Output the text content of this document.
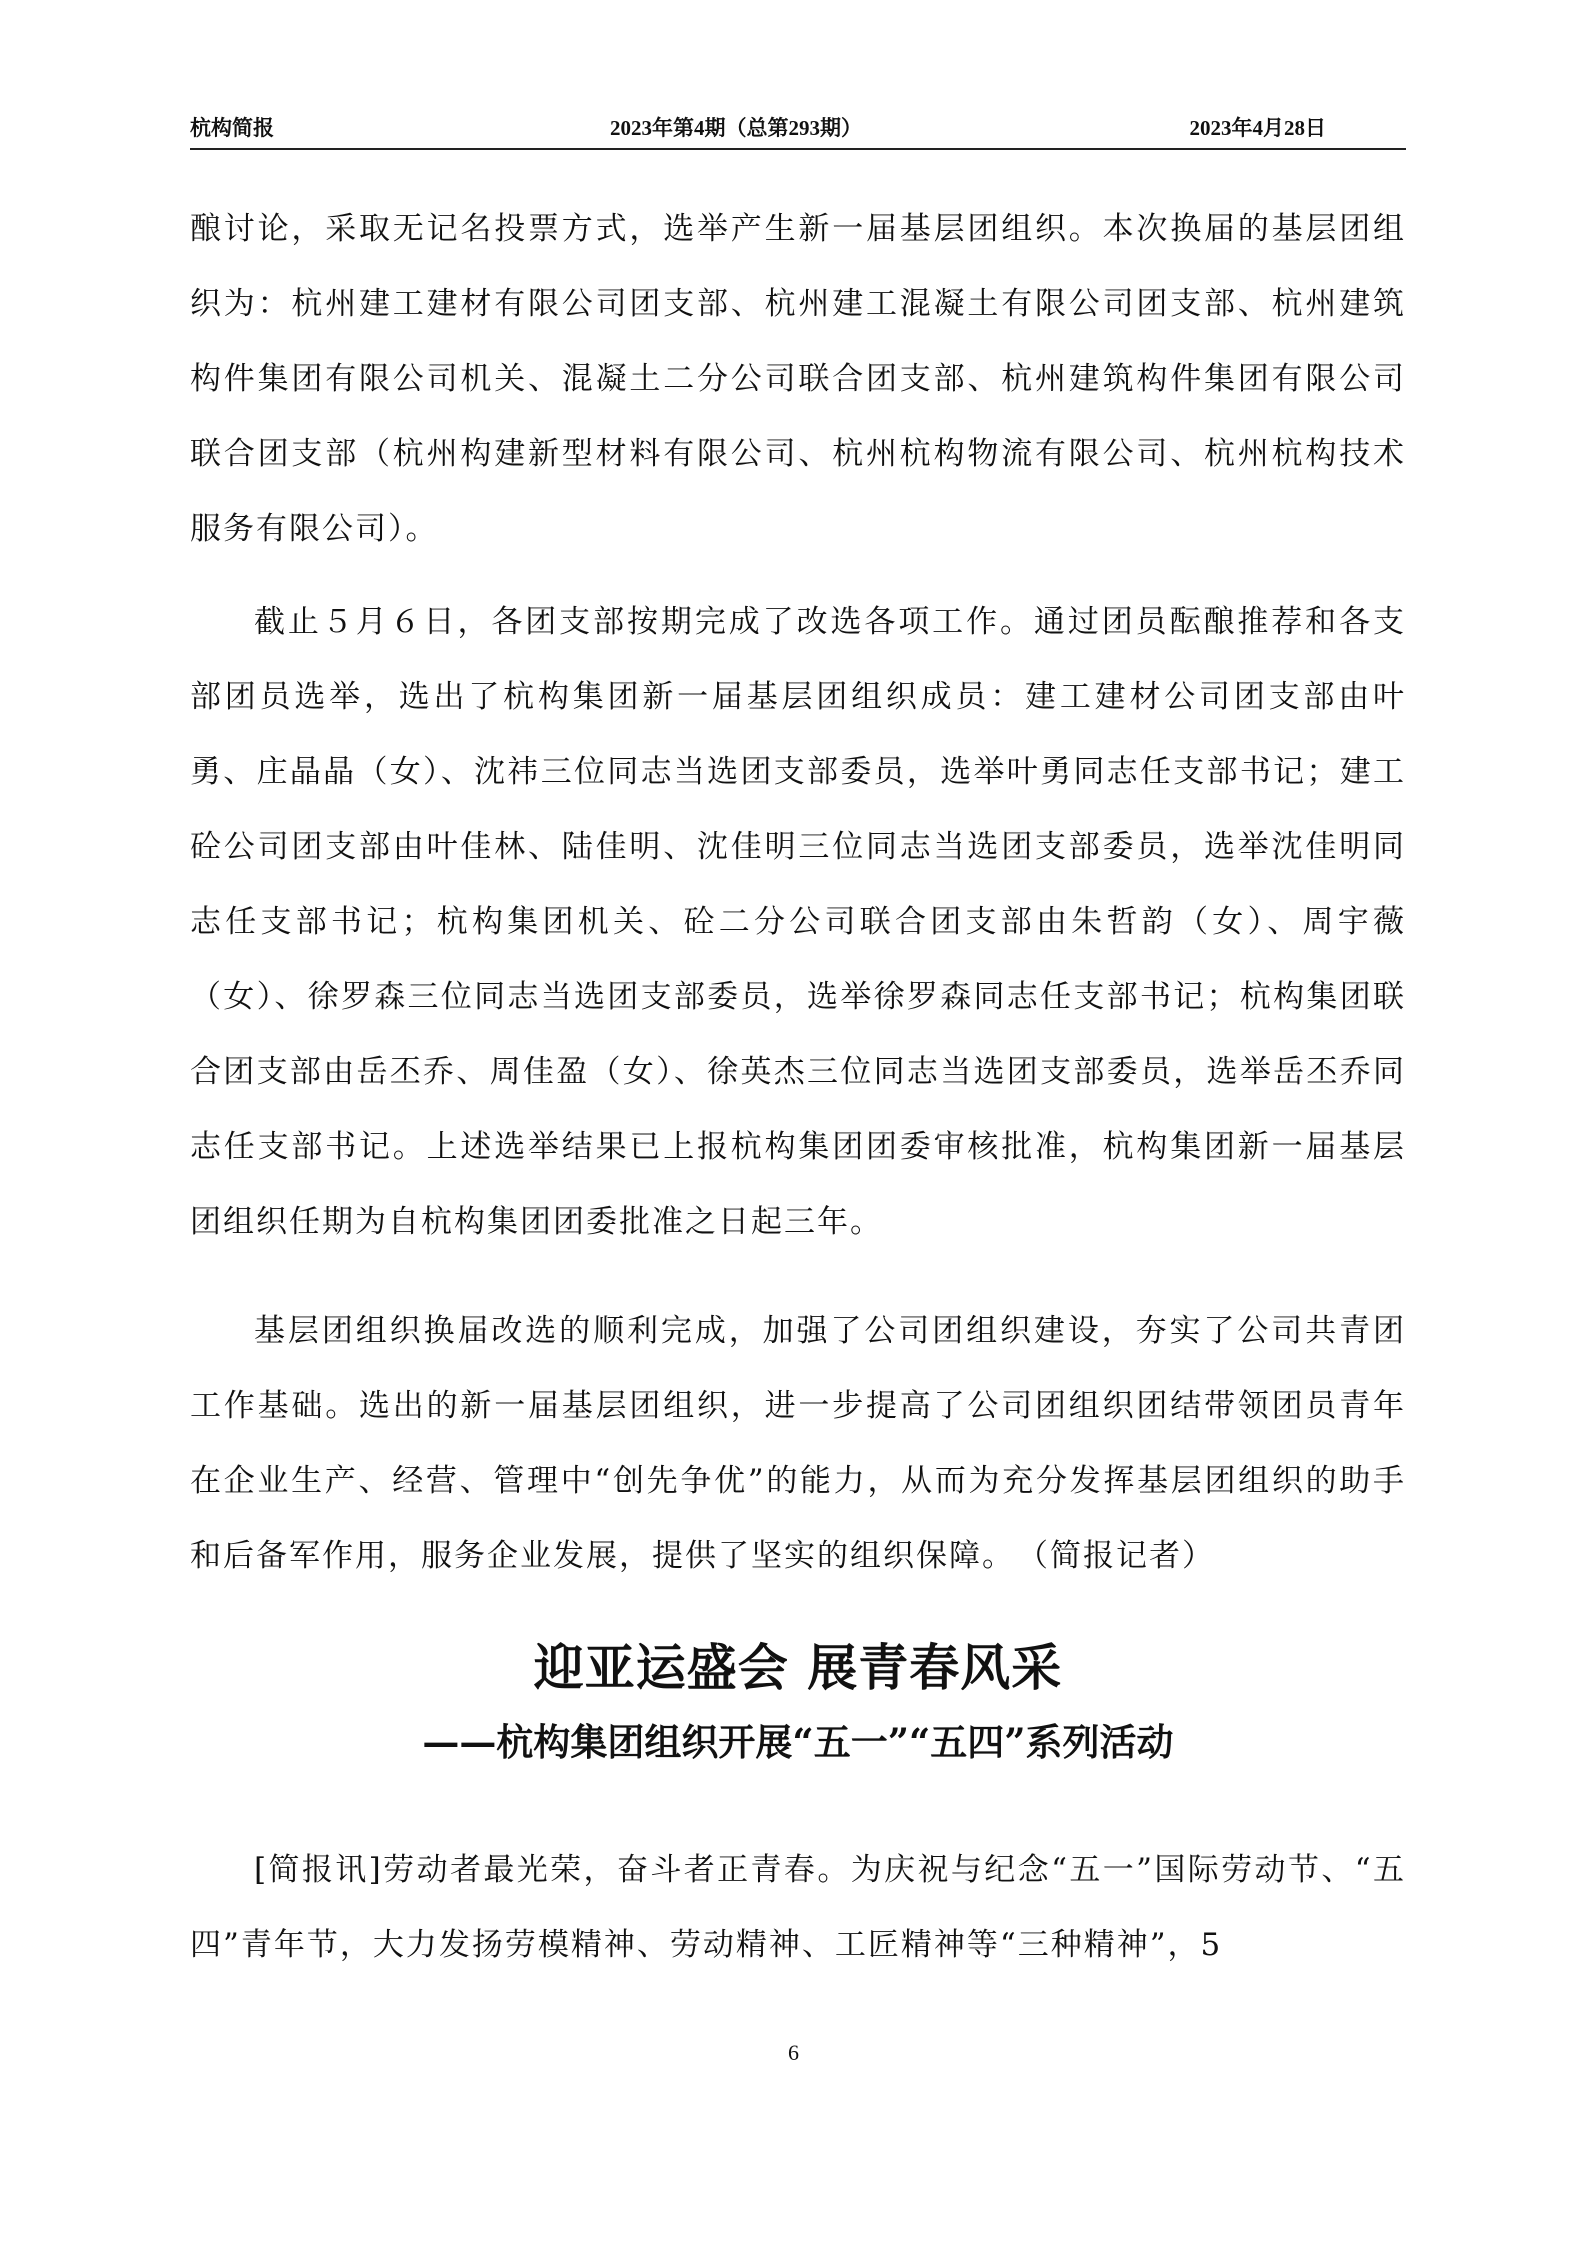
杭构简报	2023年第4期（总第293期）	2023年4月28日
酿讨论，采取无记名投票方式，选举产生新一届基层团组织。本次换届的基层团组织为：杭州建工建材有限公司团支部、杭州建工混凝土有限公司团支部、杭州建筑构件集团有限公司机关、混凝土二分公司联合团支部、杭州建筑构件集团有限公司联合团支部（杭州构建新型材料有限公司、杭州杭构物流有限公司、杭州杭构技术服务有限公司）。
截止５月６日，各团支部按期完成了改选各项工作。通过团员酝酿推荐和各支部团员选举，选出了杭构集团新一届基层团组织成员：建工建材公司团支部由叶勇、庄晶晶（女）、沈祎三位同志当选团支部委员，选举叶勇同志任支部书记；建工砼公司团支部由叶佳林、陆佳明、沈佳明三位同志当选团支部委员，选举沈佳明同志任支部书记；杭构集团机关、砼二分公司联合团支部由朱哲韵（女）、周宇薇（女）、徐罗森三位同志当选团支部委员，选举徐罗森同志任支部书记；杭构集团联合团支部由岳丕乔、周佳盈（女）、徐英杰三位同志当选团支部委员，选举岳丕乔同志任支部书记。上述选举结果已上报杭构集团团委审核批准，杭构集团新一届基层团组织任期为自杭构集团团委批准之日起三年。
基层团组织换届改选的顺利完成，加强了公司团组织建设，夯实了公司共青团工作基础。选出的新一届基层团组织，进一步提高了公司团组织团结带领团员青年在企业生产、经营、管理中“创先争优”的能力，从而为充分发挥基层团组织的助手和后备军作用，服务企业发展，提供了坚实的组织保障。　（简报记者）
迎亚运盛会 展青春风采
——杭构集团组织开展“五一”“五四”系列活动
[简报讯]劳动者最光荣，奋斗者正青春。为庆祝与纪念“五一”国际劳动节、“五四”青年节，大力发扬劳模精神、劳动精神、工匠精神等“三种精神”，5
6
